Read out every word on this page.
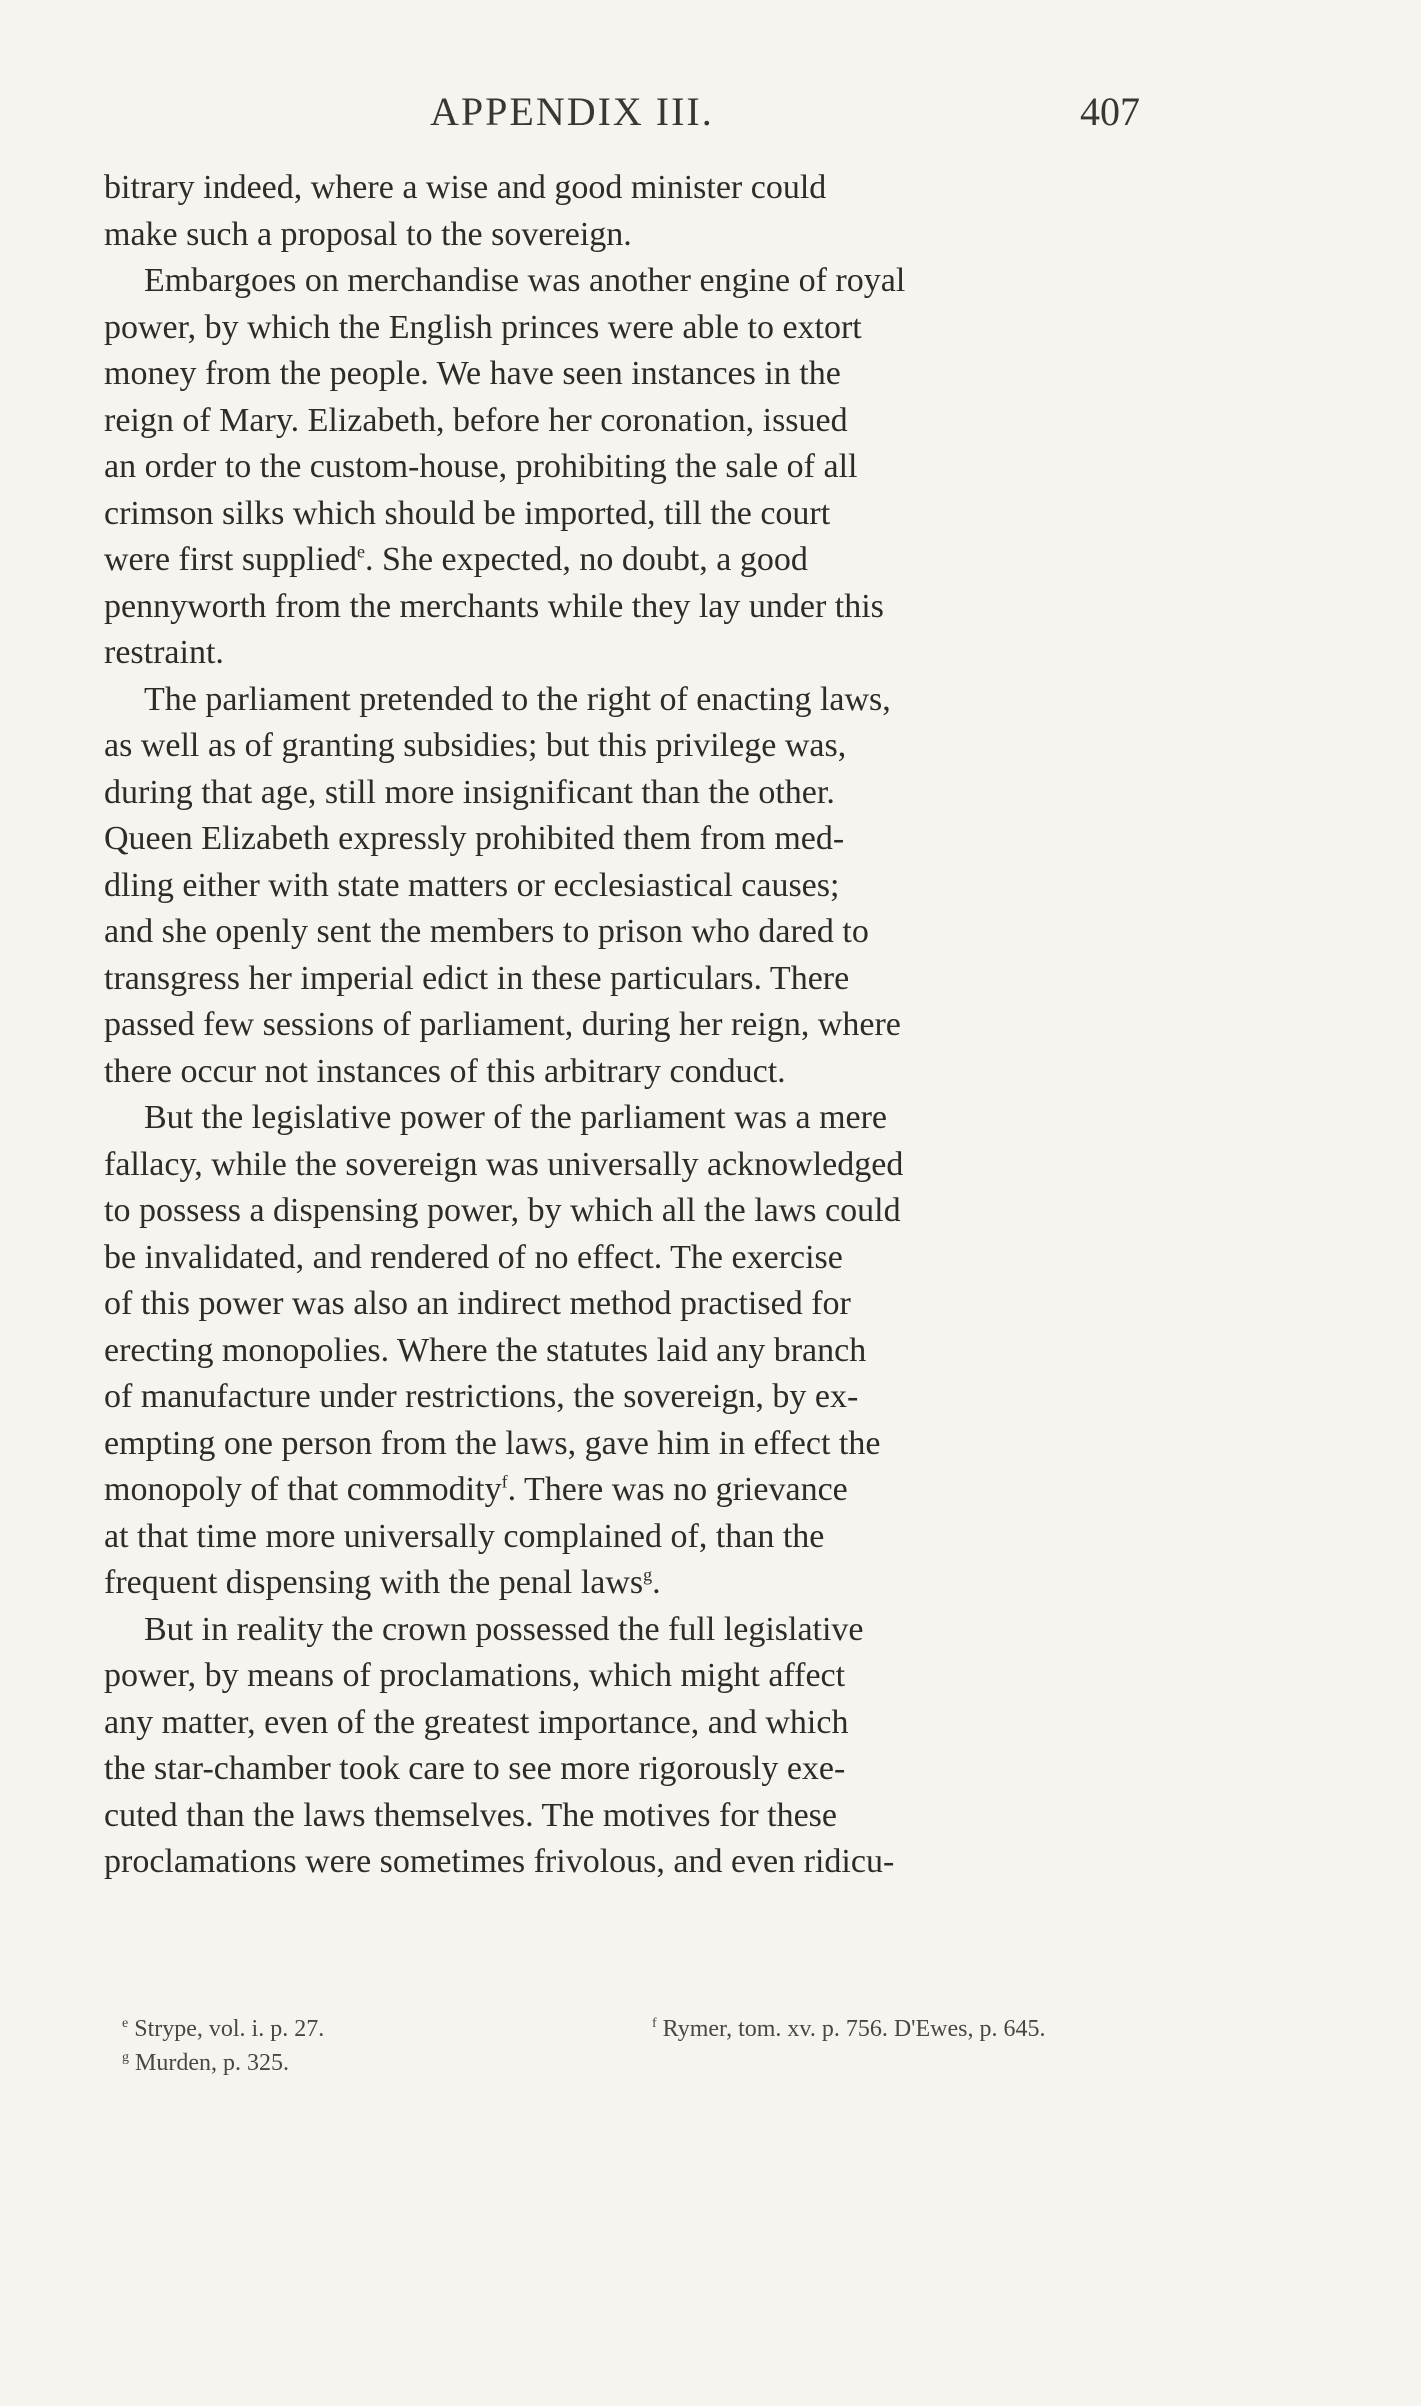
APPENDIX III.	407
bitrary indeed, where a wise and good minister could
make such a proposal to the sovereign.
Embargoes on merchandise was another engine of royal
power, by which the English princes were able to extort
money from the people. We have seen instances in the
reign of Mary. Elizabeth, before her coronation, issued
an order to the custom-house, prohibiting the sale of all
crimson silks which should be imported, till the court
were first supplied$^e$. She expected, no doubt, a good
pennyworth from the merchants while they lay under this
restraint.
The parliament pretended to the right of enacting laws,
as well as of granting subsidies; but this privilege was,
during that age, still more insignificant than the other.
Queen Elizabeth expressly prohibited them from med-
dling either with state matters or ecclesiastical causes;
and she openly sent the members to prison who dared to
transgress her imperial edict in these particulars. There
passed few sessions of parliament, during her reign, where
there occur not instances of this arbitrary conduct.
But the legislative power of the parliament was a mere
fallacy, while the sovereign was universally acknowledged
to possess a dispensing power, by which all the laws could
be invalidated, and rendered of no effect. The exercise
of this power was also an indirect method practised for
erecting monopolies. Where the statutes laid any branch
of manufacture under restrictions, the sovereign, by ex-
empting one person from the laws, gave him in effect the
monopoly of that commodity$^f$. There was no grievance
at that time more universally complained of, than the
frequent dispensing with the penal laws$^g$.
But in reality the crown possessed the full legislative
power, by means of proclamations, which might affect
any matter, even of the greatest importance, and which
the star-chamber took care to see more rigorously exe-
cuted than the laws themselves. The motives for these
proclamations were sometimes frivolous, and even ridicu-
$^e$ Strype, vol. i. p. 27.	$^f$ Rymer, tom. xv. p. 756. D'Ewes, p. 645.
$^g$ Murden, p. 325.
